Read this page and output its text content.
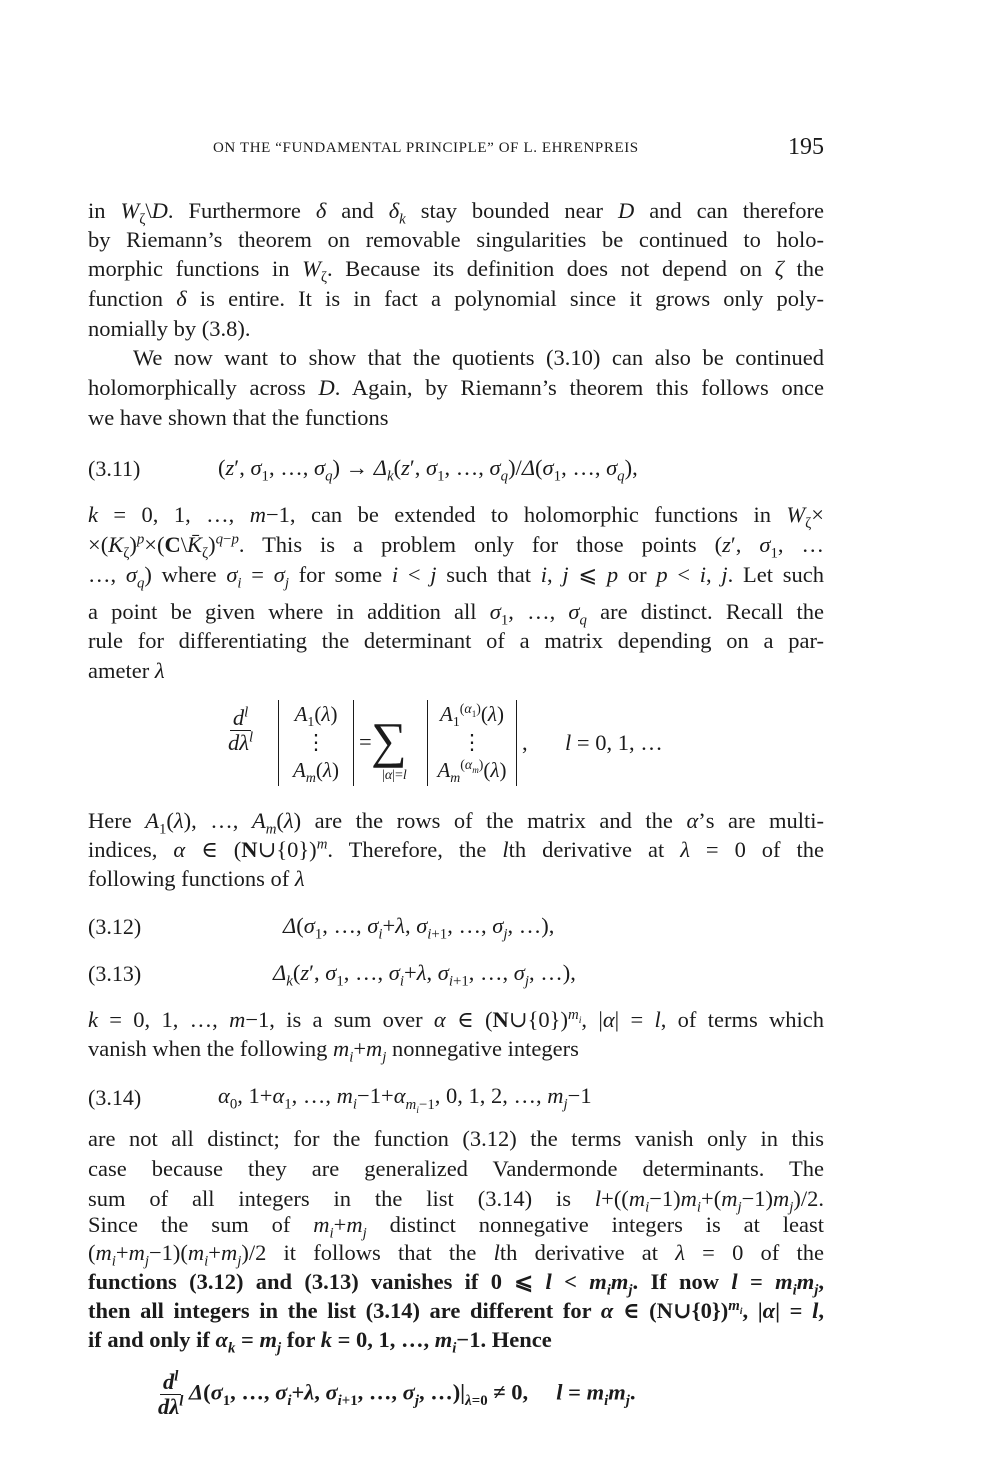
ON THE “FUNDAMENTAL PRINCIPLE” OF L. EHRENPREIS	195
in $W_\zeta\backslash D$. Furthermore δ and $\delta_k$ stay bounded near D and can therefore
by Riemann’s theorem on removable singularities be continued to holo-
morphic functions in $W_\zeta$. Because its definition does not depend on ζ the
function δ is entire. It is in fact a polynomial since it grows only poly-
nomially by (3.8).
We now want to show that the quotients (3.10) can also be continued
holomorphically across D. Again, by Riemann’s theorem this follows once
we have shown that the functions
(3.11)	(z′, $\sigma_1$, …, $\sigma_q) \to \Delta_k(z'$, $\sigma_1$, …, $\sigma_q)/\Delta(\sigma_1$, …, $\sigma_q$),
k = 0, 1, …, m−1, can be extended to holomorphic functions in $W_\zeta\times$
$\times(K_\zeta)^p\times(C\backslash K̄_\zeta)^{q-p}$. This is a problem only for those points (z′, $\sigma_1$, …
…, $\sigma_q$) where $\sigma_i = \sigma_j$ for some i < j such that i, j ⩽ p or p < i, j. Let such
a point be given where in addition all $\sigma_1$, …, $\sigma_q$ are distinct. Recall the
rule for differentiating the determinant of a matrix depending on a par-
ameter λ
$\frac{d^l}{d\lambda^l}$	$A_1(\lambda)$
⋮
$A_m(\lambda)$
= ∑
|α|=l
$A_1^{(\alpha_1)}(\lambda)$
⋮
$A_m^{(\alpha_m)}(\lambda)$
, l = 0, 1, …
Here $A_1(\lambda)$, …, $A_m(\lambda)$ are the rows of the matrix and the α’s are multi-
indices, α ∈ (N∪{0})$^m$. Therefore, the lth derivative at λ = 0 of the
following functions of λ
(3.12)	$\Delta(\sigma_1$, …, $\sigma_i+\lambda$, $\sigma_{i+1}$, …, $\sigma_j$, …),
(3.13)	$\Delta_k(z'$, $\sigma_1$, …, $\sigma_i+\lambda$, $\sigma_{i+1}$, …, $\sigma_j$, …),
k = 0, 1, …, m−1, is a sum over α ∈ (N∪{0})$^{m_i}$, |α| = l, of terms which
vanish when the following $m_i+m_j$ nonnegative integers
(3.14)	$\alpha_0$, $1+\alpha_1$, …, $m_i-1+\alpha_{m_i-1}$, 0, 1, 2, …, $m_j-1$
are not all distinct; for the function (3.12) the terms vanish only in this
case because they are generalized Vandermonde determinants. The
sum of all integers in the list (3.14) is $l+((m_i-1)m_i+(m_j-1)m_j)/2$.
Since the sum of $m_i+m_j$ distinct nonnegative integers is at least
$(m_i+m_j-1)(m_i+m_j)/2$ it follows that the lth derivative at λ = 0 of the
functions (3.12) and (3.13) vanishes if 0 ⩽ $l < m_im_j$. If now $l = m_im_j$,
then all integers in the list (3.14) are different for α ∈ (N∪{0})$^{m_i}$, |α| = l,
if and only if $\alpha_k = m_j$ for k = 0, 1, …, $m_i-1$. Hence
$\frac{d^l}{d\lambda^l} \Delta(\sigma_1$, …, $\sigma_i+\lambda$, $\sigma_{i+1}$, …, $\sigma_j$, $\dots)|_{\lambda=0} \ne 0$,     $l = m_im_j$.
